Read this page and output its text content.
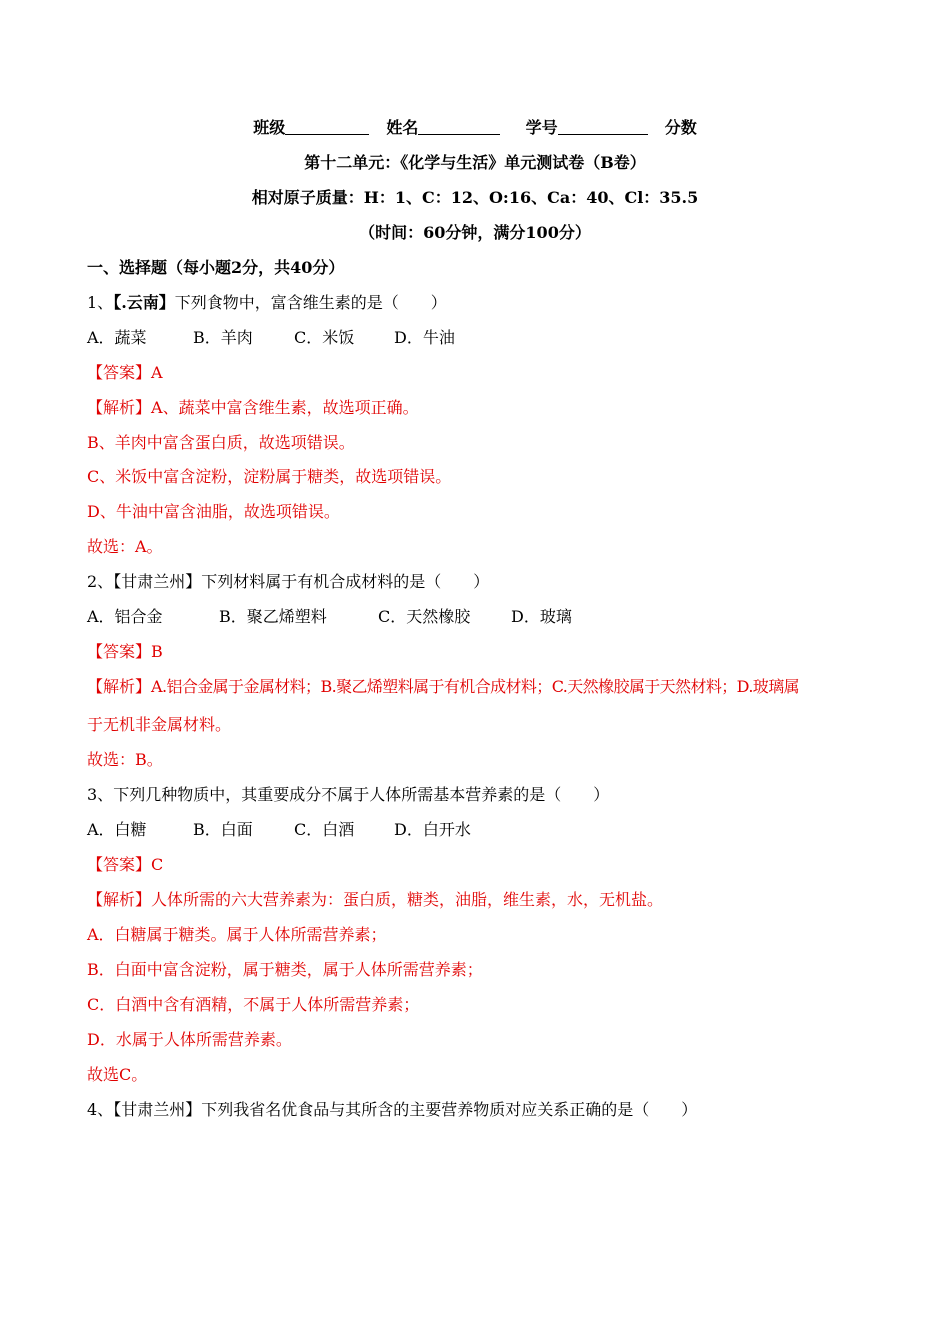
班级	姓名	学号	分数
第十二单元：《化学与生活》单元测试卷（B卷）
相对原子质量：H：1、C：12、O:16、Ca：40、Cl：35.5
（时间：60分钟，满分100分）
一、选择题（每小题2分，共40分）
1、【.云南】下列食物中，富含维生素的是（　　）
A．蔬菜	B．羊肉	C．米饭 D．牛油
【答案】A
【解析】A、蔬菜中富含维生素，故选项正确。
B、羊肉中富含蛋白质，故选项错误。
C、米饭中富含淀粉，淀粉属于糖类，故选项错误。
D、牛油中富含油脂，故选项错误。
故选：A。
2、【甘肃兰州】下列材料属于有机合成材料的是（　　）
A．铝合金	B．聚乙烯塑料	C．天然橡胶	D．玻璃
【答案】B
【解析】A.铝合金属于金属材料；B.聚乙烯塑料属于有机合成材料；C.天然橡胶属于天然材料；D.玻璃属
于无机非金属材料。
故选：B。
3、下列几种物质中，其重要成分不属于人体所需基本营养素的是（　　）
A．白糖	B．白面	C．白酒 D．白开水
【答案】C
【解析】人体所需的六大营养素为：蛋白质，糖类，油脂，维生素，水，无机盐。
A．白糖属于糖类。属于人体所需营养素；
B．白面中富含淀粉，属于糖类，属于人体所需营养素；
C．白酒中含有酒精，不属于人体所需营养素；
D．水属于人体所需营养素。
故选C。
4、【甘肃兰州】下列我省名优食品与其所含的主要营养物质对应关系正确的是（　　）
